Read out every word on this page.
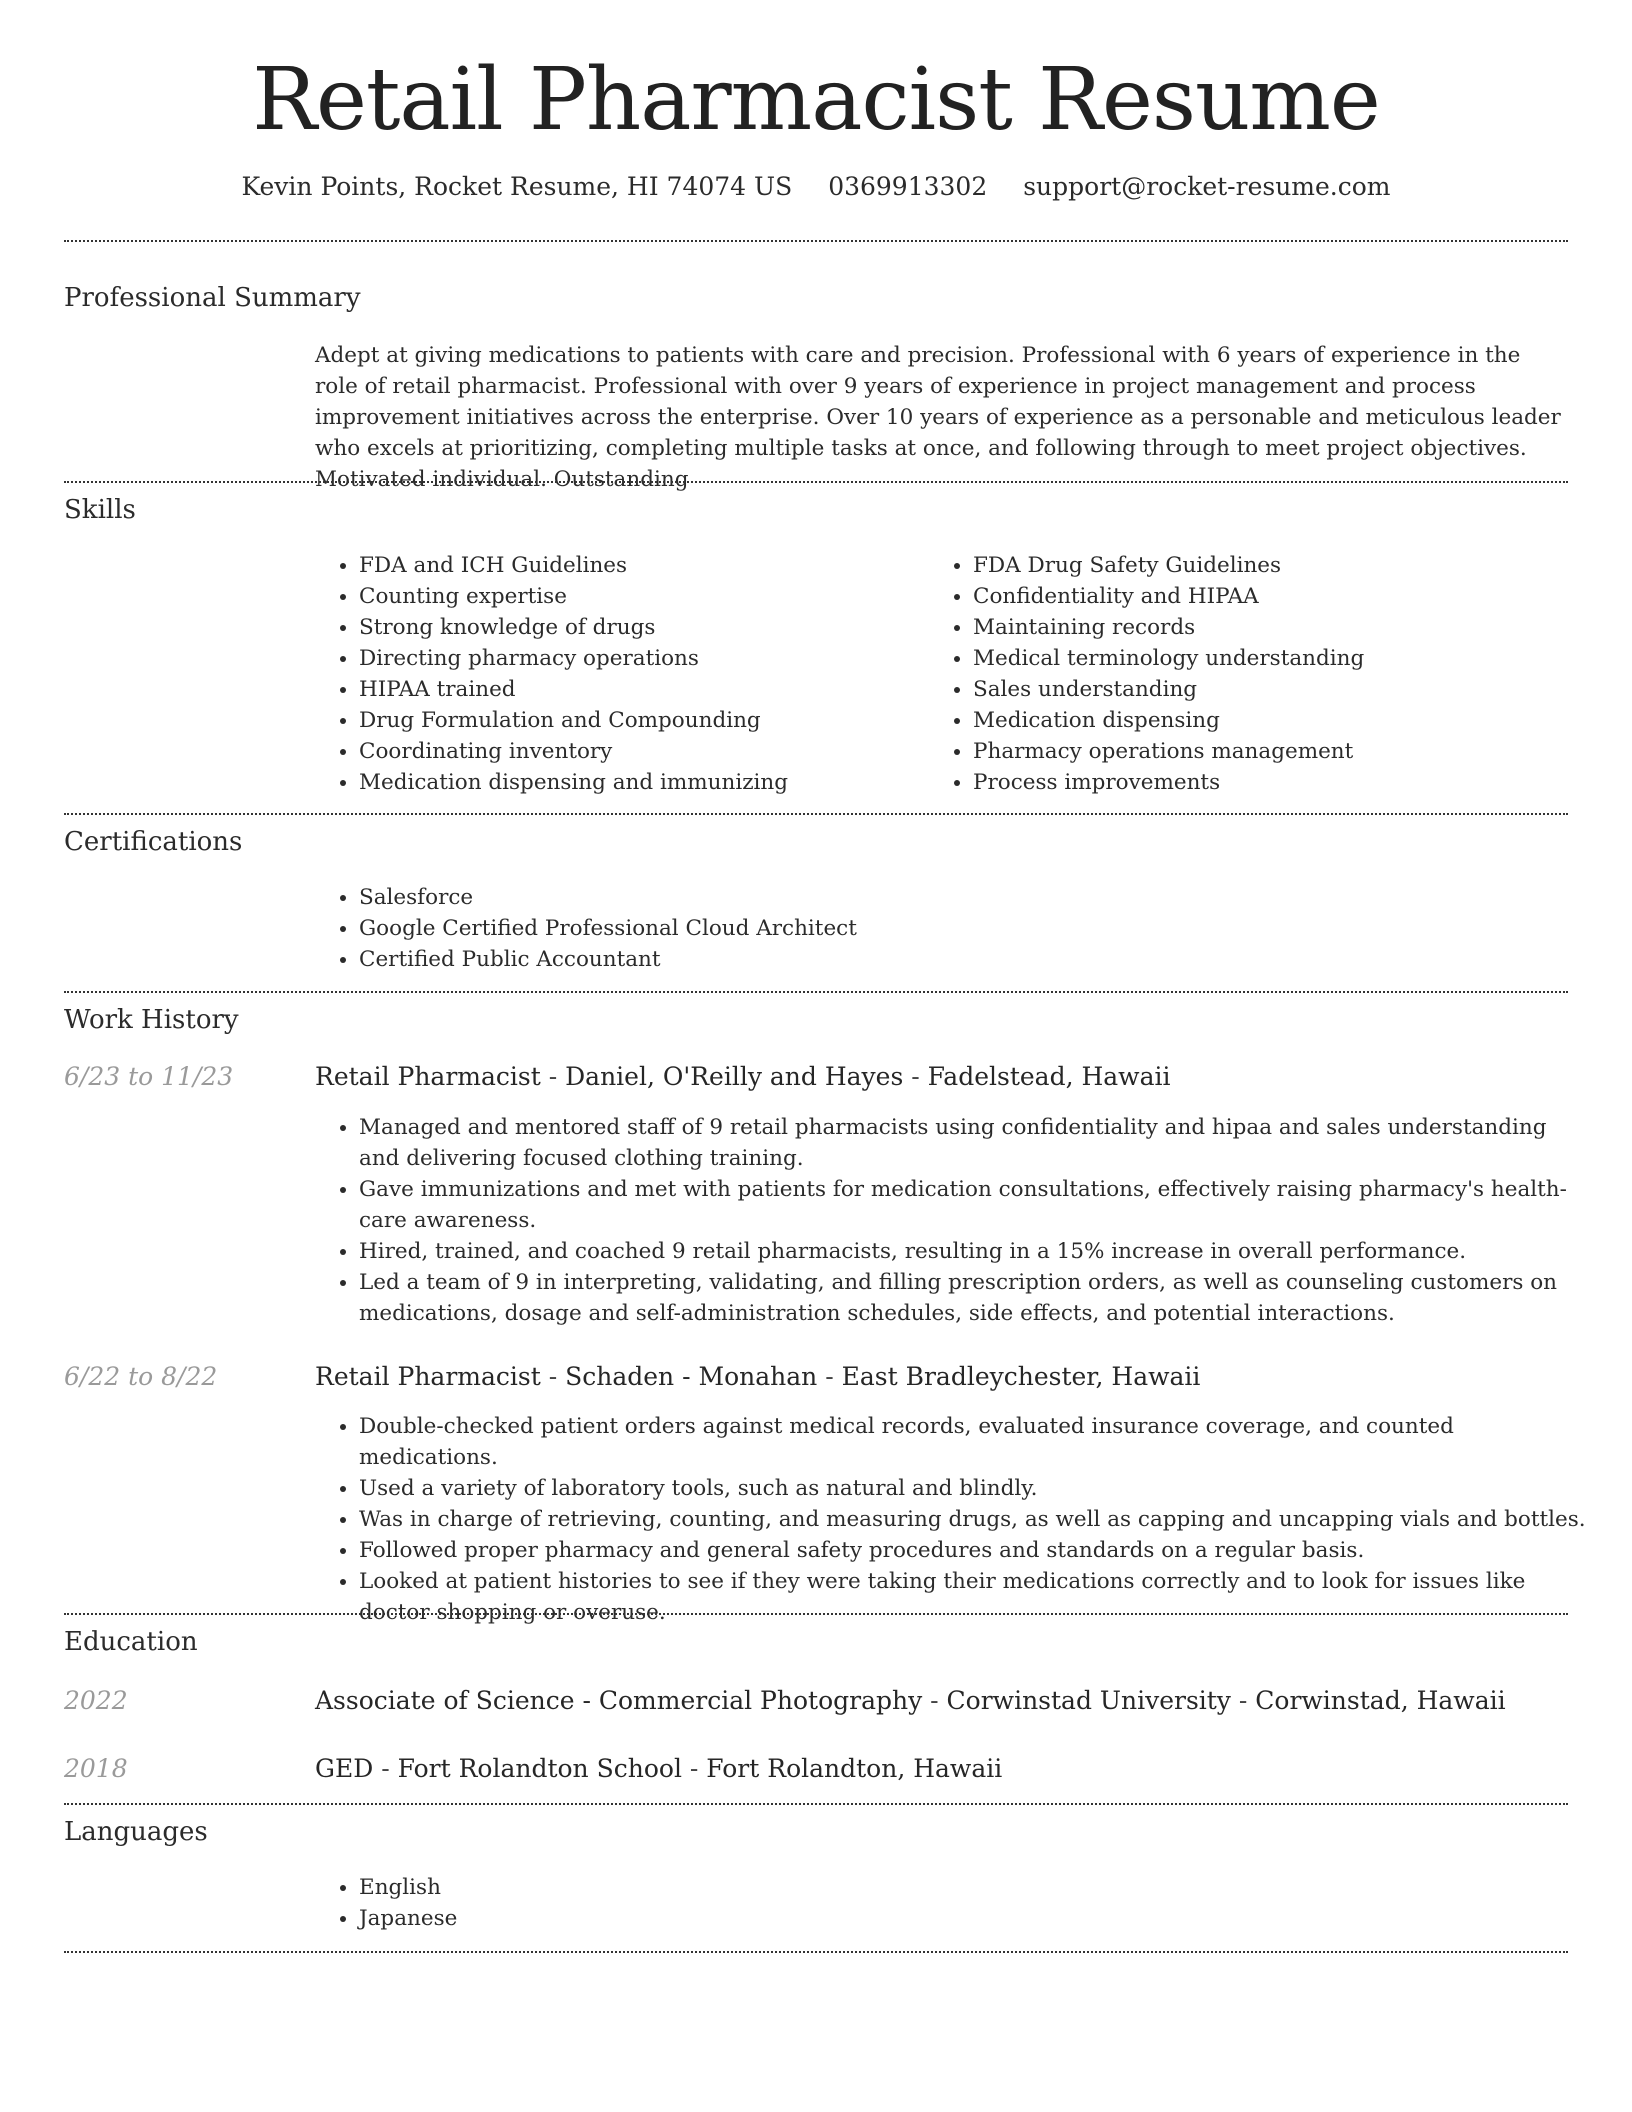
Retail Pharmacist Resume
Kevin Points, Rocket Resume, HI 74074 US 0369913302 support@rocket-resume.com
Professional Summary

Adept at giving medications to patients with care and precision. Professional with 6 years of experience in the role of retail pharmacist. Professional with over 9 years of experience in project management and process improvement initiatives across the enterprise. Over 10 years of experience as a personable and meticulous leader who excels at prioritizing, completing multiple tasks at once, and following through to meet project objectives. Motivated individual. Outstanding

Skills
• FDA and ICH Guidelines
• Counting expertise
• Strong knowledge of drugs
• Directing pharmacy operations
• HIPAA trained
• Drug Formulation and Compounding
• Coordinating inventory
• Medication dispensing and immunizing
• FDA Drug Safety Guidelines
• Confidentiality and HIPAA
• Maintaining records
• Medical terminology understanding
• Sales understanding
• Medication dispensing
• Pharmacy operations management
• Process improvements
Certifications
• Salesforce
• Google Certified Professional Cloud Architect
• Certified Public Accountant
Work History
6/23 to 11/23	Retail Pharmacist - Daniel, O'Reilly and Hayes - Fadelstead, Hawaii
• Managed and mentored staff of 9 retail pharmacists using confidentiality and hipaa and sales understanding and delivering focused clothing training.
• Gave immunizations and met with patients for medication consultations, effectively raising pharmacy's health-care awareness.
• Hired, trained, and coached 9 retail pharmacists, resulting in a 15% increase in overall performance.
• Led a team of 9 in interpreting, validating, and filling prescription orders, as well as counseling customers on medications, dosage and self-administration schedules, side effects, and potential interactions.
6/22 to 8/22	Retail Pharmacist - Schaden - Monahan - East Bradleychester, Hawaii
• Double-checked patient orders against medical records, evaluated insurance coverage, and counted medications.
• Used a variety of laboratory tools, such as natural and blindly.
• Was in charge of retrieving, counting, and measuring drugs, as well as capping and uncapping vials and bottles.
• Followed proper pharmacy and general safety procedures and standards on a regular basis.
• Looked at patient histories to see if they were taking their medications correctly and to look for issues like doctor shopping or overuse.
Education
2022	Associate of Science - Commercial Photography - Corwinstad University - Corwinstad, Hawaii
2018	GED - Fort Rolandton School - Fort Rolandton, Hawaii
Languages
• English
• Japanese
